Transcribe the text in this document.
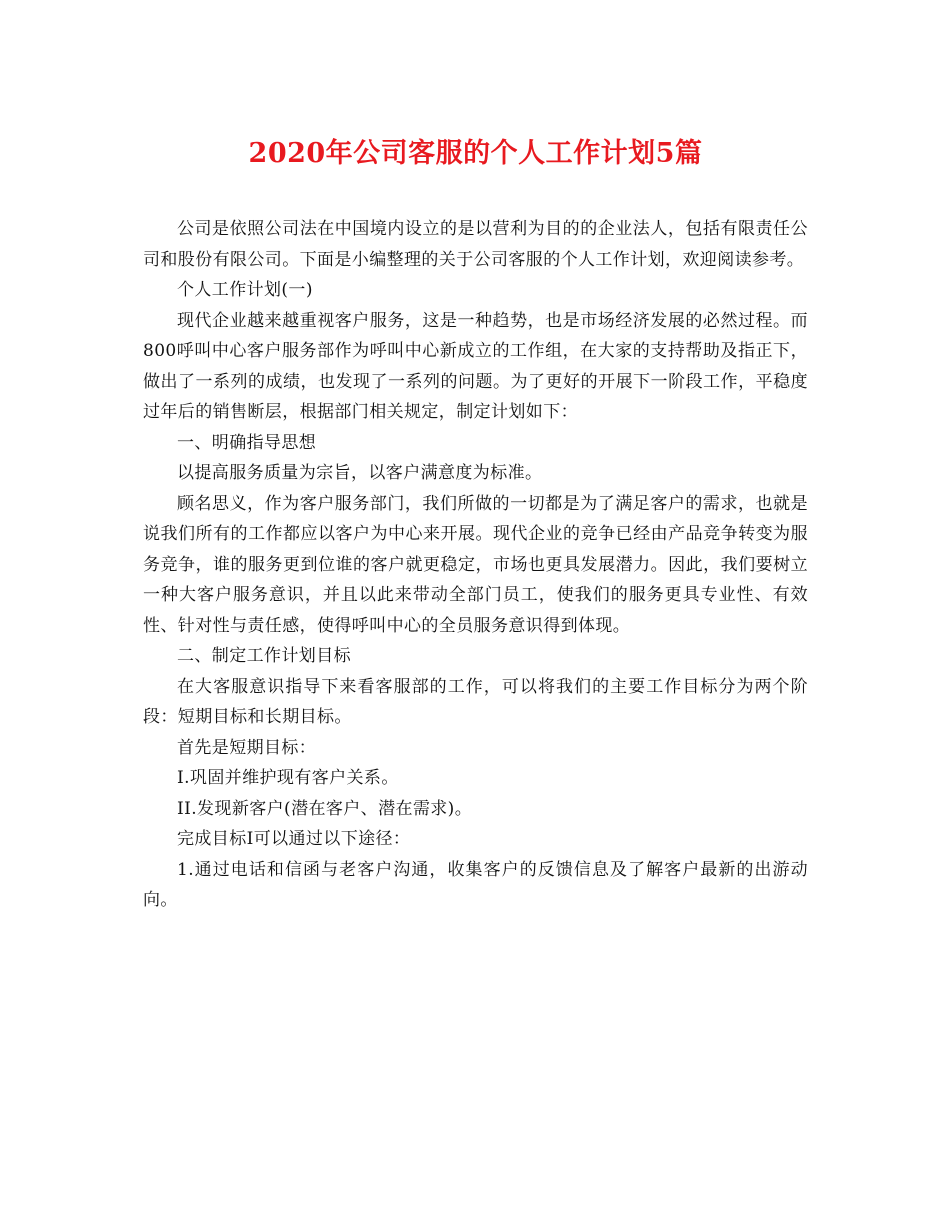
2020年公司客服的个人工作计划5篇

公司是依照公司法在中国境内设立的是以营利为目的的企业法人，包括有限责任公司和股份有限公司。下面是小编整理的关于公司客服的个人工作计划，欢迎阅读参考。

个人工作计划(一)

现代企业越来越重视客户服务，这是一种趋势，也是市场经济发展的必然过程。而800呼叫中心客户服务部作为呼叫中心新成立的工作组，在大家的支持帮助及指正下，做出了一系列的成绩，也发现了一系列的问题。为了更好的开展下一阶段工作，平稳度过年后的销售断层，根据部门相关规定，制定计划如下：

一、明确指导思想

以提高服务质量为宗旨，以客户满意度为标准。

顾名思义，作为客户服务部门，我们所做的一切都是为了满足客户的需求，也就是说我们所有的工作都应以客户为中心来开展。现代企业的竞争已经由产品竞争转变为服务竞争，谁的服务更到位谁的客户就更稳定，市场也更具发展潜力。因此，我们要树立一种大客户服务意识，并且以此来带动全部门员工，使我们的服务更具专业性、有效性、针对性与责任感，使得呼叫中心的全员服务意识得到体现。

二、制定工作计划目标

在大客服意识指导下来看客服部的工作，可以将我们的主要工作目标分为两个阶段：短期目标和长期目标。

首先是短期目标：

I.巩固并维护现有客户关系。

II.发现新客户(潜在客户、潜在需求)。

完成目标I可以通过以下途径：

1.通过电话和信函与老客户沟通，收集客户的反馈信息及了解客户最新的出游动向。
